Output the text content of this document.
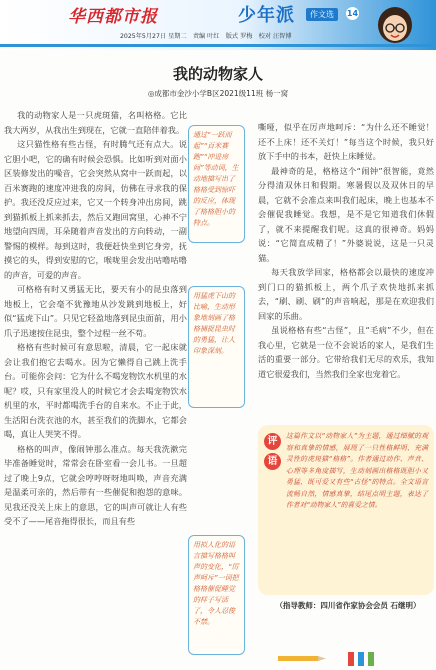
华西都市报	少年派	作文选	14
2025年5月27日 星期二　责编 叶红　版式 罗梅　校对 汪智博
我的动物家人
◎成都市金沙小学B区2021级11班 杨一窝

我的动物家人是一只虎斑猫，名叫格格。它比我大两岁，从我出生到现在，它就一直陪伴着我。

这只猫性格有些古怪，有时腾气还有点大。说它胆小吧，它的确有时候会恐惧。比如听到对面小区装修发出的噪音，它会突然从窝中一跃而起，以百米赛跑的速度冲进我的房间，仿佛在寻求我的保护。我还没反应过来，它又一个转身冲出房间，跳到猫抓板上抓来抓去，然后又跑回窝里，心神不宁地望向四周，耳朵随着声音发出的方向转动，一副警惕的模样。每到这时，我便赶快坐到它身旁，抚摸它的头，得到安慰的它，喉咙里会发出咕噜咕噜的声音，可爱的声音。

可格格有时又勇猛无比，要天有小的昆虫落到地板上，它会毫不犹豫地从沙发跳到地板上，好似“猛虎下山”。只见它轻盈地落到昆虫面前，用小爪子迅速按住昆虫，整个过程一丝不苟。

格格有些时候可有意思啦，清晨，它一起床就会让我们抱它去喝水。因为它懒得自己跳上洗手台。可能你会问：它为什么不喝宠物饮水机里的水呢？哎，只有家里没人的时候它才会去喝宠物饮水机里的水，平时都喝洗手台的自来水。不止于此，生活阳台洗衣池的水，甚至我们的洗脚水，它都会喝，真让人哭笑不得。

格格的叫声，像闹钟那么准点。每天我洗漱完毕准备睡觉时，常常会在卧室看一会儿书。一旦超过了晚上9点，它就会哼哼呀呀地叫唤，声音充满是温柔可亲的，然后带有一些催促和抱怨的意味。见我还没关上床上的意思，它的叫声可就让人有些受不了——尾音拖得很长，而且有些

通过“一跃而起”“百米赛跑”“冲进房间”等动词，生动地描写出了格格受到惊吓的反应，体现了格格胆小的特点。
用猛虎下山的比喻，生动形象地刻画了格格捕捉昆虫时的勇猛，让人印象深刻。
用拟人化的语言描写格格叫声的变化，“厉声呵斥”一词把格格催促睡觉的样子写活了，令人忍俊不禁。

嘶哑，似乎在厉声地呵斥：“为什么还不睡觉！还不上床！还不关灯！”每当这个时候，我只好放下手中的书本，赶快上床睡觉。

最神奇的是，格格这个“闹钟”很智能，竟然分得清双休日和假期。寒暑假以及双休日的早晨，它就不会准点来叫我们起床，晚上也基本不会催促我睡觉。我想，是不是它知道我们休假了，就不来提醒我们呢。这真的很神奇。妈妈说：“它简直成精了！”外婆说说，这是一只灵猫。

每天我放学回家，格格都会以最快的速度冲到门口的猫抓板上，两个爪子欢快地抓来抓去，“刷、刷、刷”的声音响起，那是在欢迎我们回家的乐曲。

虽说格格有些“古怪”，且“毛病”不少，但在我心里，它就是一位不会说话的家人，是我们生活的重要一部分。它带给我们无尽的欢乐，我知道它很爱我们，当然我们全家也宠着它。

评
语
这篇作文以“动物家人”为主题，通过细腻的观察和真挚的情感，展现了一只性格鲜明、充满灵性的虎斑猫“格格”。作者通过动作、声音、心理等多角度描写，生动刻画出格格既胆小又勇猛、既可爱又有些“古怪”的特点。全文语言流畅自然，情感真挚，结尾点明主题，表达了作者对“动物家人”的喜爱之情。
（指导教师：四川省作家协会会员 石继明）
